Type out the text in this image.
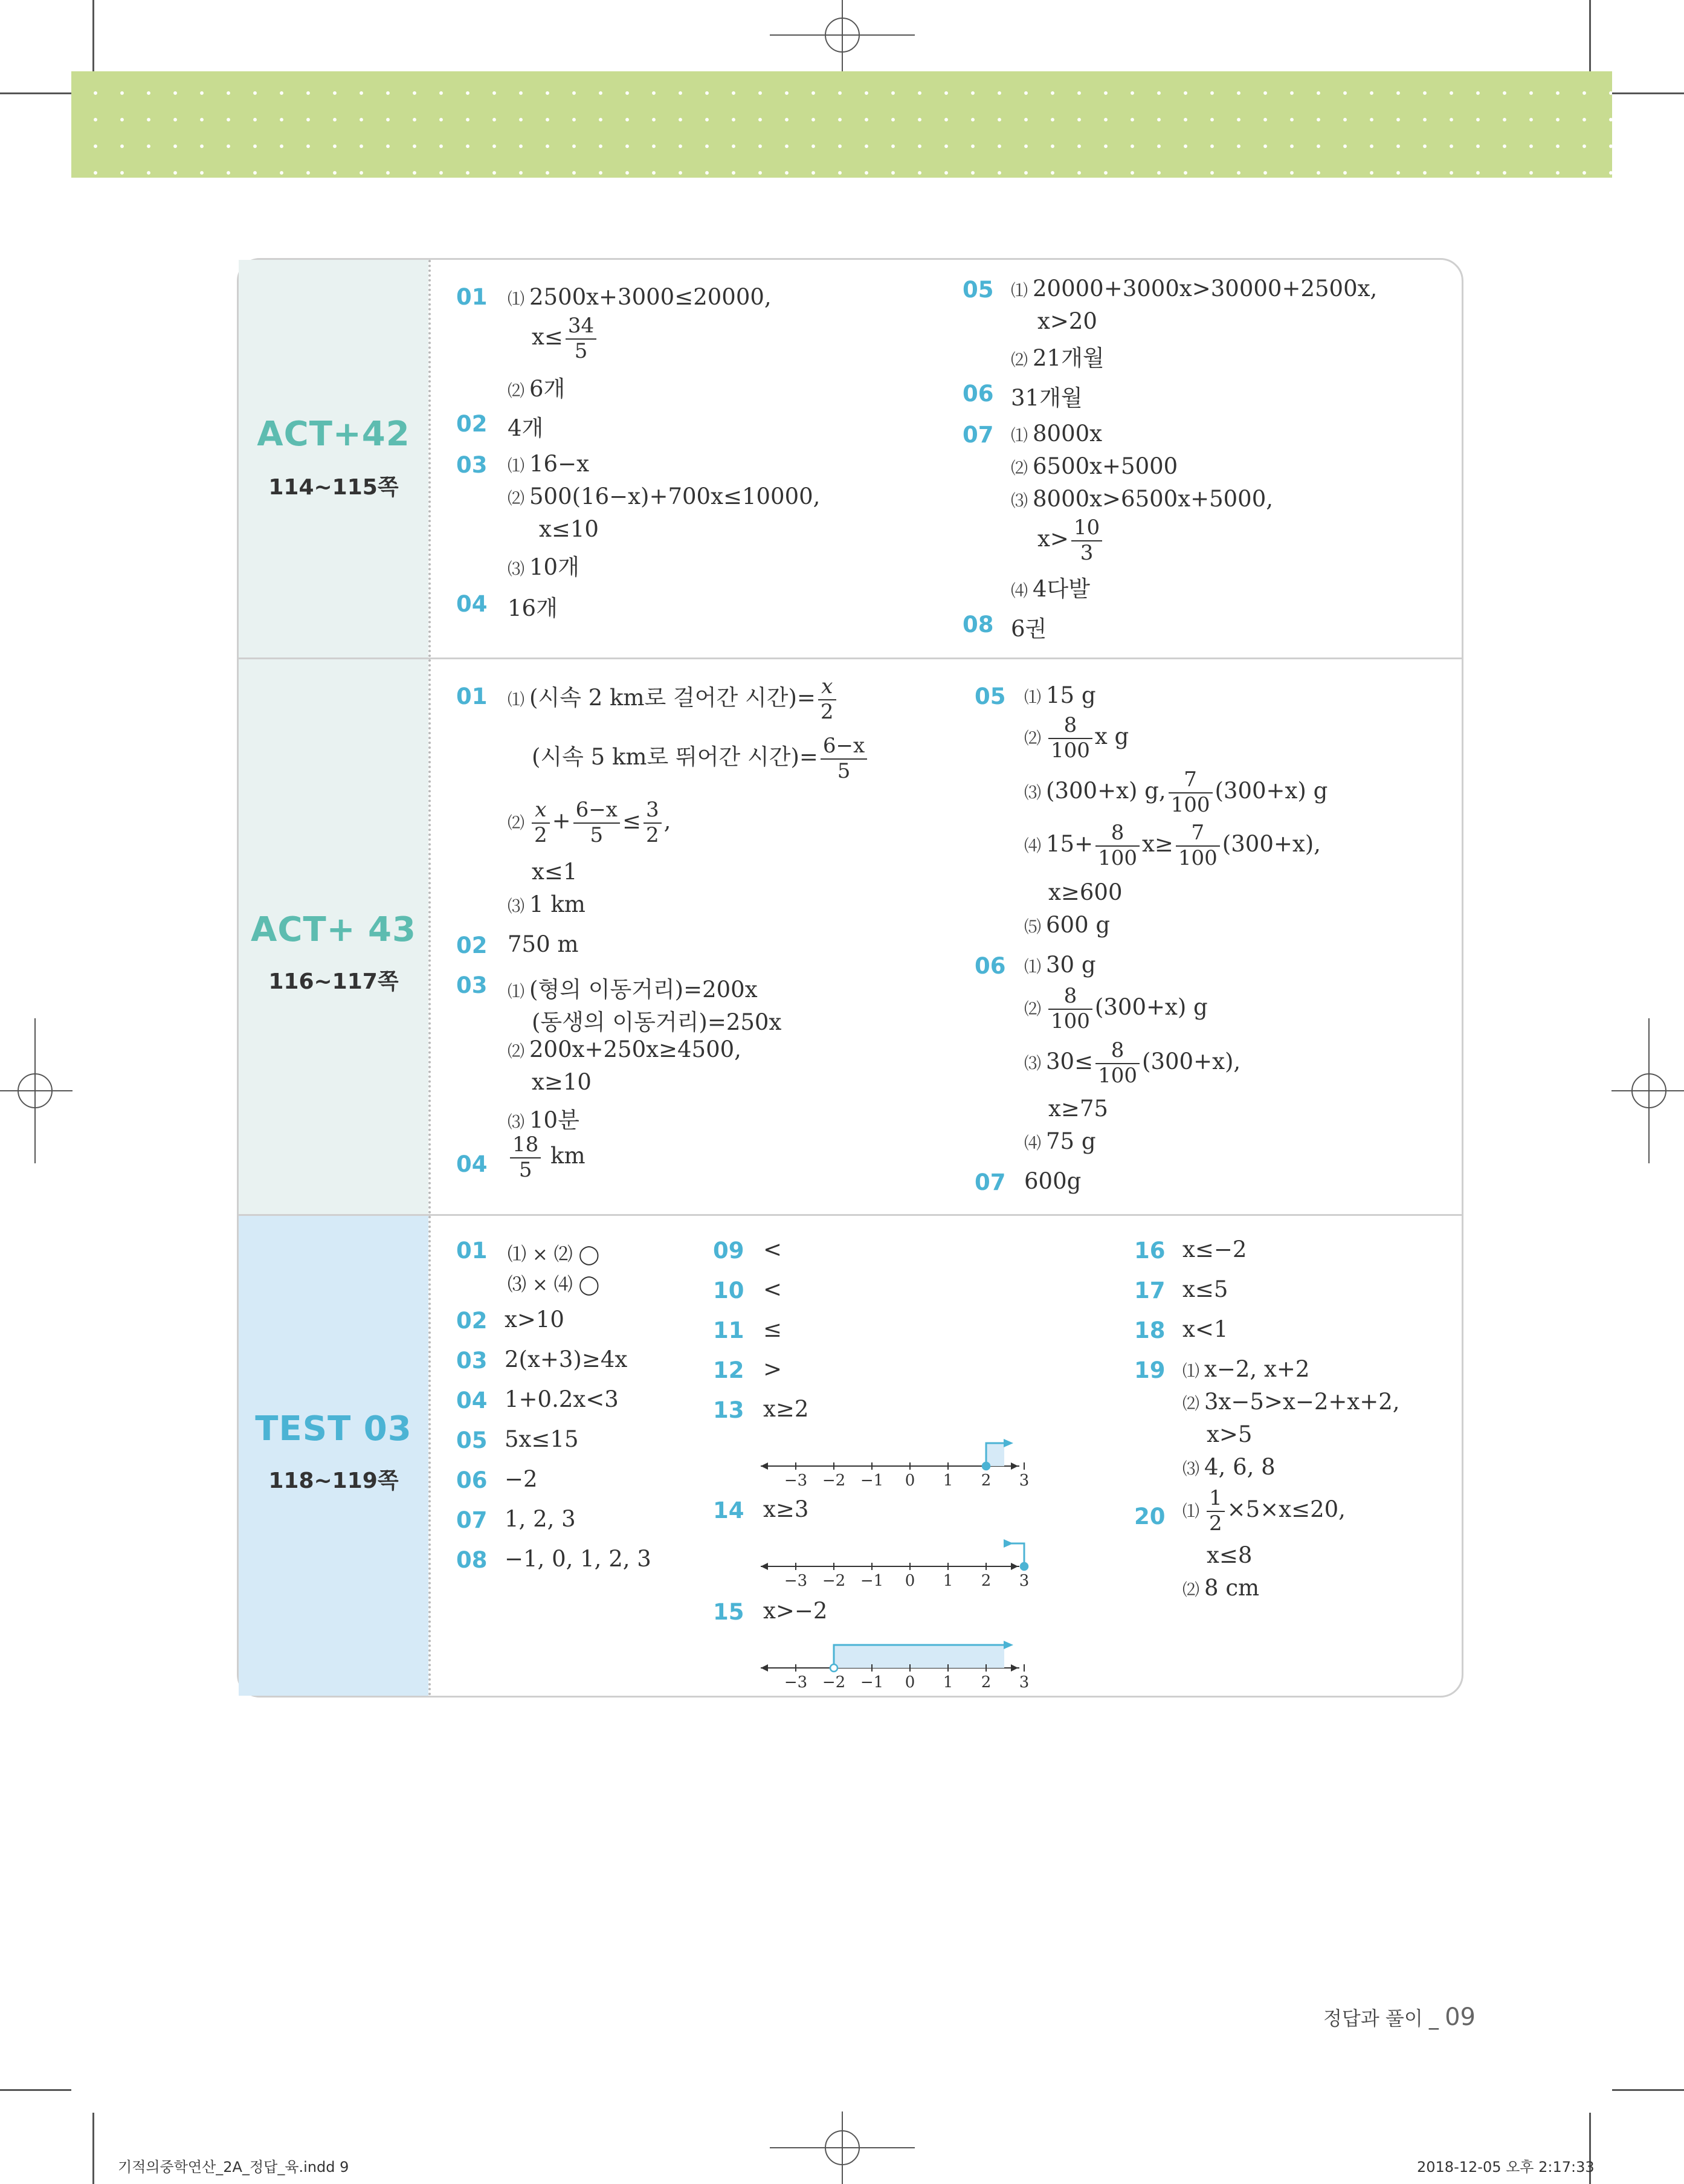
ACT+42
114~115쪽
01 ⑴ 2500x+3000≤20000,
$x\le \frac{34}{5}$
⑵ 6개
02 4개
03 ⑴ 16−x
⑵ 500(16−x)+700x≤10000,
x≤10
⑶ 10개
04 16개
05 ⑴ 20000+3000x>30000+2500x,
x>20
⑵ 21개월
06 31개월
07 ⑴ 8000x
⑵ 6500x+5000
⑶ 8000x>6500x+5000,
$x> \frac{10}{3}$
⑷ 4다발
08 6권
ACT+ 43
116~117쪽
01 ⑴ (시속 2 km로 걸어간 시간)= $\frac{x}{2}$
(시속 5 km로 뛰어간 시간)= $\frac{6-x}{5}$
⑵ $\frac{x}{2} + \frac{6-x}{5} \le \frac{3}{2}$ ,
x≤1
⑶ 1 km
02 750 m
03 ⑴ (형의 이동거리)=200x
(동생의 이동거리)=250x
⑵ 200x+250x≥4500,
x≥10
⑶ 10분
$04 \frac{18}{5}$ km
05 ⑴ 15 g
⑵ $\frac{8}{100}$ x g
⑶ (300+x) g, $\frac{7}{100} (300+x)$ g
⑷ $15+ \frac{8}{100} x\ge \frac{7}{100} (300+x)$,
x≥600
⑸ 600 g
06 ⑴ 30 g
⑵ $\frac{8}{100} (300+x)$ g
⑶ $30\le \frac{8}{100} (300+x)$,
x≥75
⑷ 75 g
07 600g
TEST 03
118~119쪽
01 ⑴ × ⑵ ◯
⑶ × ⑷ ◯
02 x>10
03 2(x+3)≥4x
04 1+0.2x<3
05 5x≤15
06 −2
07 1, 2, 3
08 −1, 0, 1, 2, 3
09 <
10 <
11 ≤
12 >
13 x≥2
−3 −2 −1 0 1 2 3
14 x≥3
−3 −2 −1 0 1 2 3
15 x>−2
−3 −2 −1 0 1 2 3
16 x≤−2
17 x≤5
18 x<1
19 ⑴ x−2, x+2
⑵ 3x−5>x−2+x+2,
x>5
⑶ 4, 6, 8
20 ⑴ $\frac{1}{2} \times 5\times x\le 20$,
x≤8
⑵ 8 cm
정답과 풀이 _ 09
기적의중학연산_2A_정답_육.indd 9	2018-12-05 오후 2:17:33
